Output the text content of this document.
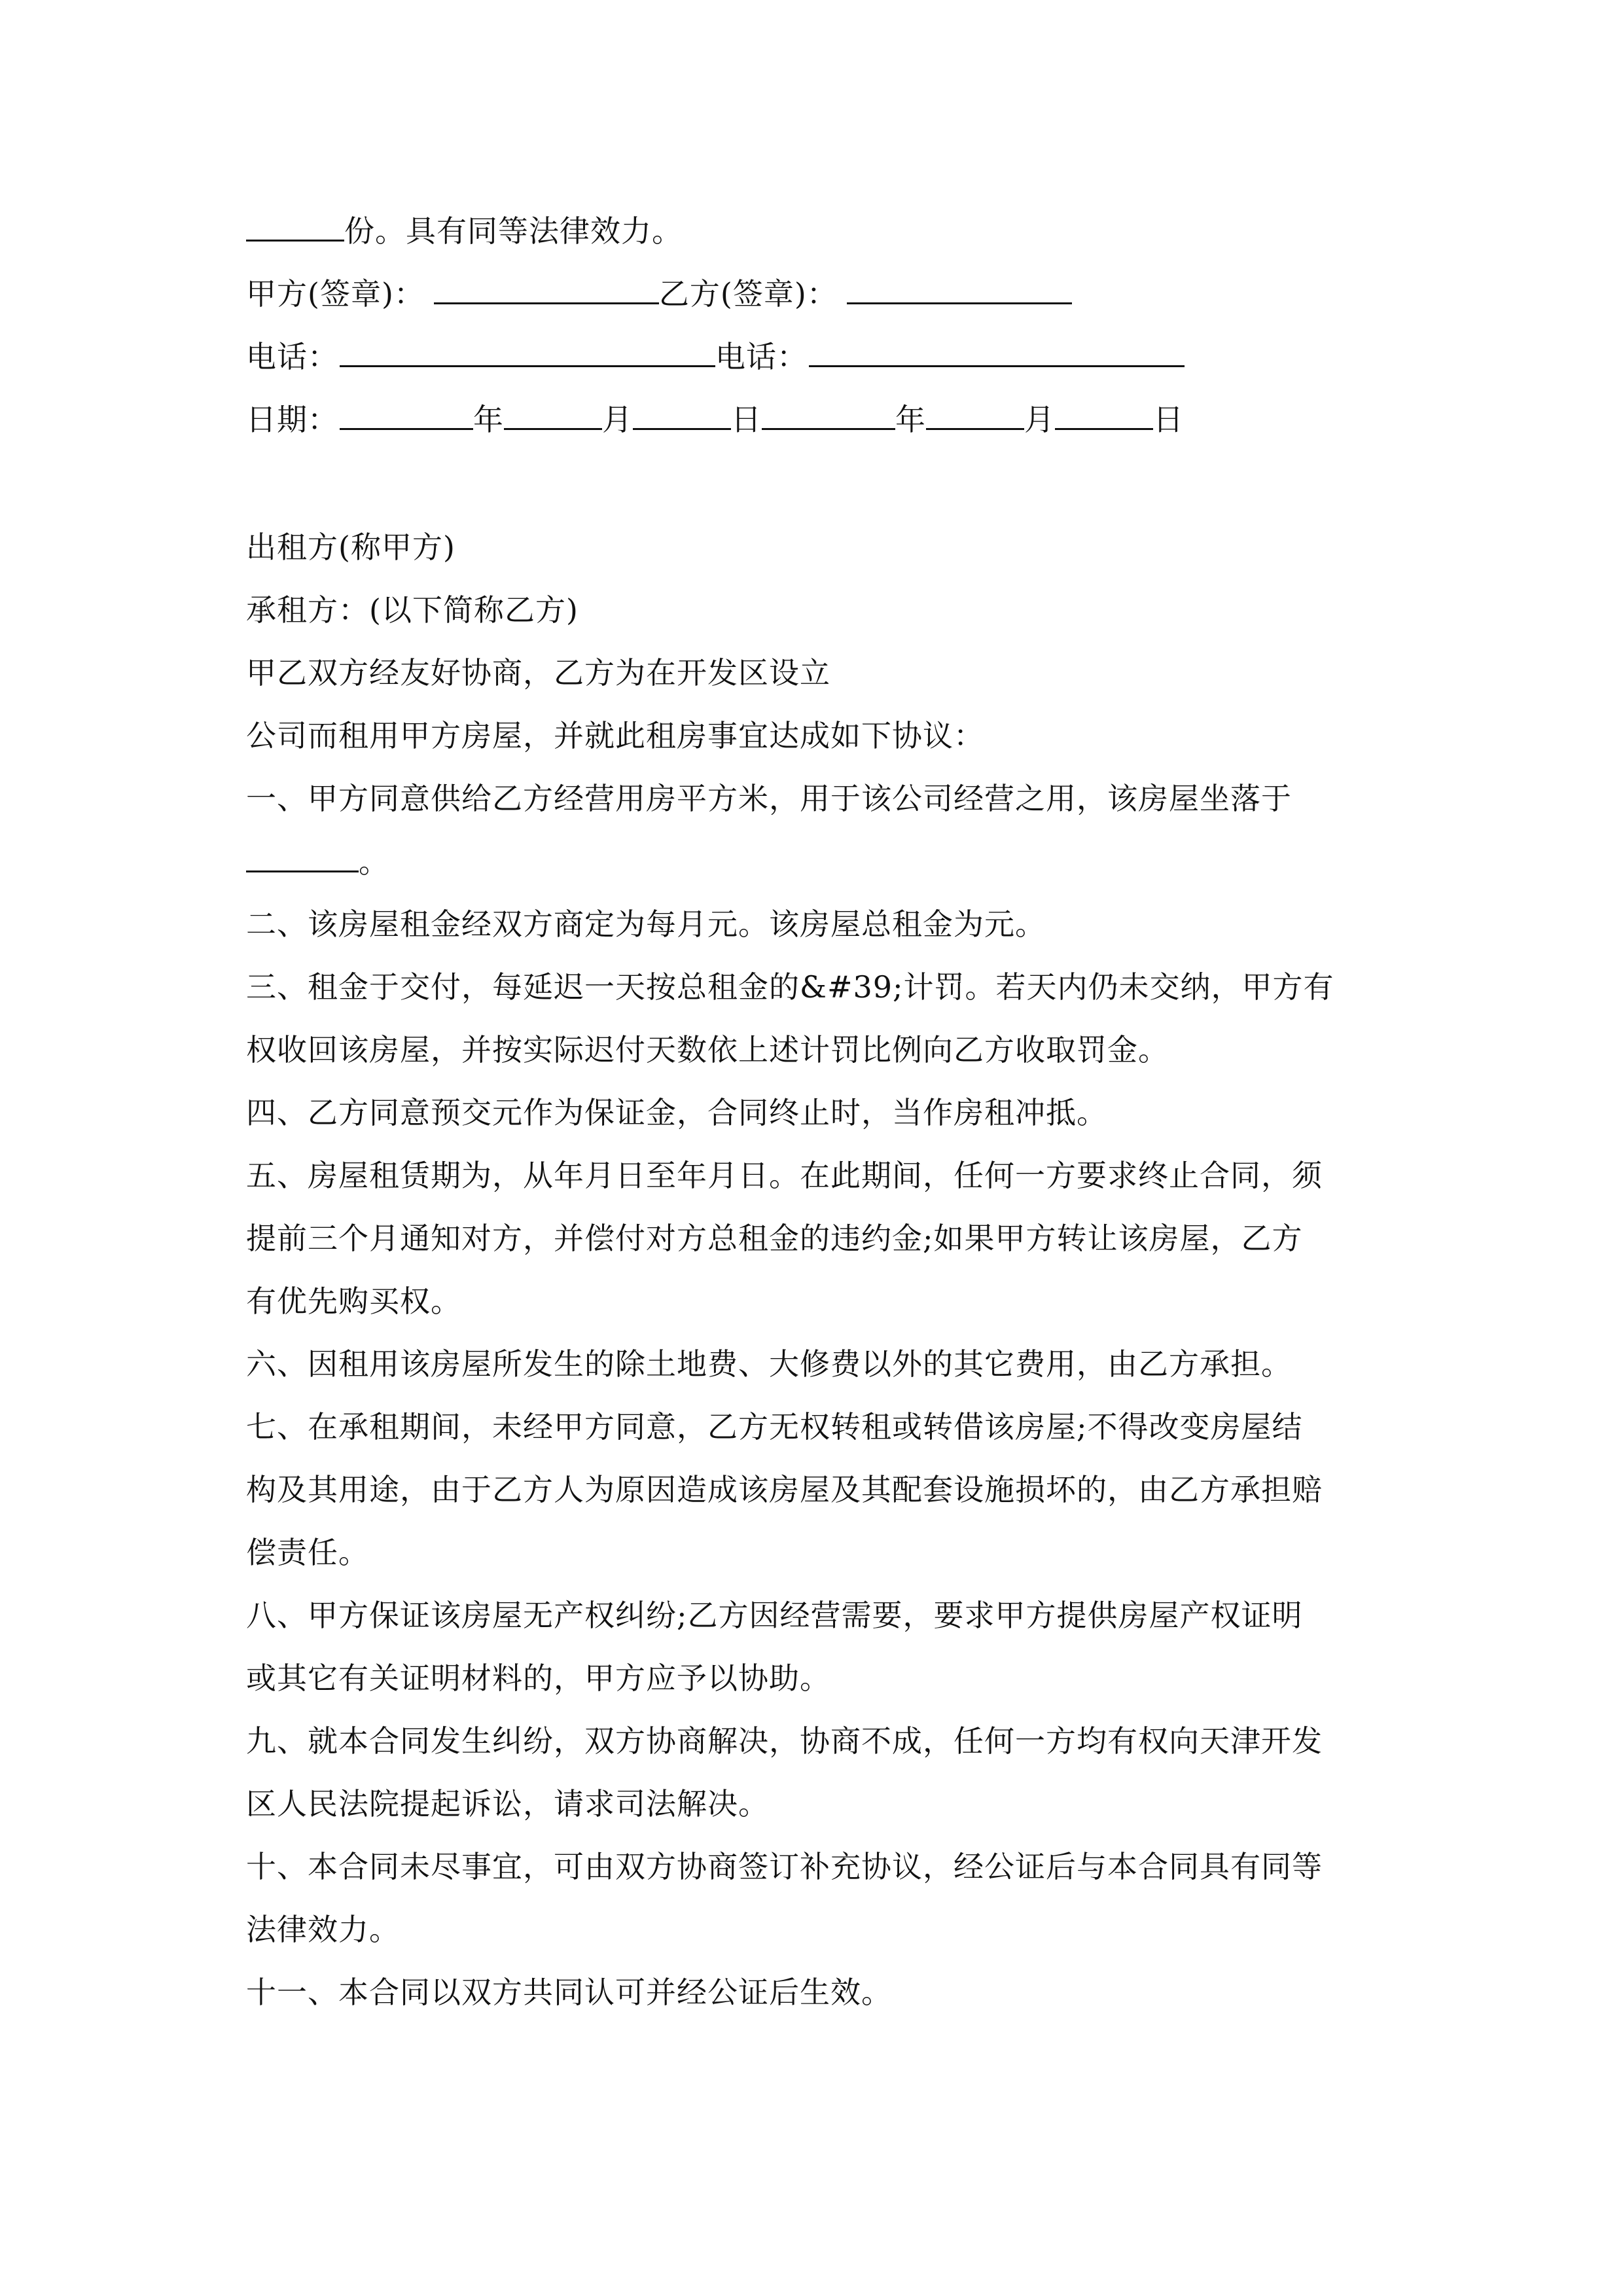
份。具有同等法律效力。
甲方(签章)：	乙方(签章)：
电话：	电话：
日期：	年	月	日	年	月	日
出租方(称甲方)
承租方：(以下简称乙方)
甲乙双方经友好协商，乙方为在开发区设立
公司而租用甲方房屋，并就此租房事宜达成如下协议：
一、甲方同意供给乙方经营用房平方米，用于该公司经营之用，该房屋坐落于
。
二、该房屋租金经双方商定为每月元。该房屋总租金为元。
三、租金于交付，每延迟一天按总租金的&#39;计罚。若天内仍未交纳，甲方有
权收回该房屋，并按实际迟付天数依上述计罚比例向乙方收取罚金。
四、乙方同意预交元作为保证金，合同终止时，当作房租冲抵。
五、房屋租赁期为，从年月日至年月日。在此期间，任何一方要求终止合同，须
提前三个月通知对方，并偿付对方总租金的违约金;如果甲方转让该房屋，乙方
有优先购买权。
六、因租用该房屋所发生的除土地费、大修费以外的其它费用，由乙方承担。
七、在承租期间，未经甲方同意，乙方无权转租或转借该房屋;不得改变房屋结
构及其用途，由于乙方人为原因造成该房屋及其配套设施损坏的，由乙方承担赔
偿责任。
八、甲方保证该房屋无产权纠纷;乙方因经营需要，要求甲方提供房屋产权证明
或其它有关证明材料的，甲方应予以协助。
九、就本合同发生纠纷，双方协商解决，协商不成，任何一方均有权向天津开发
区人民法院提起诉讼，请求司法解决。
十、本合同未尽事宜，可由双方协商签订补充协议，经公证后与本合同具有同等
法律效力。
十一、本合同以双方共同认可并经公证后生效。
